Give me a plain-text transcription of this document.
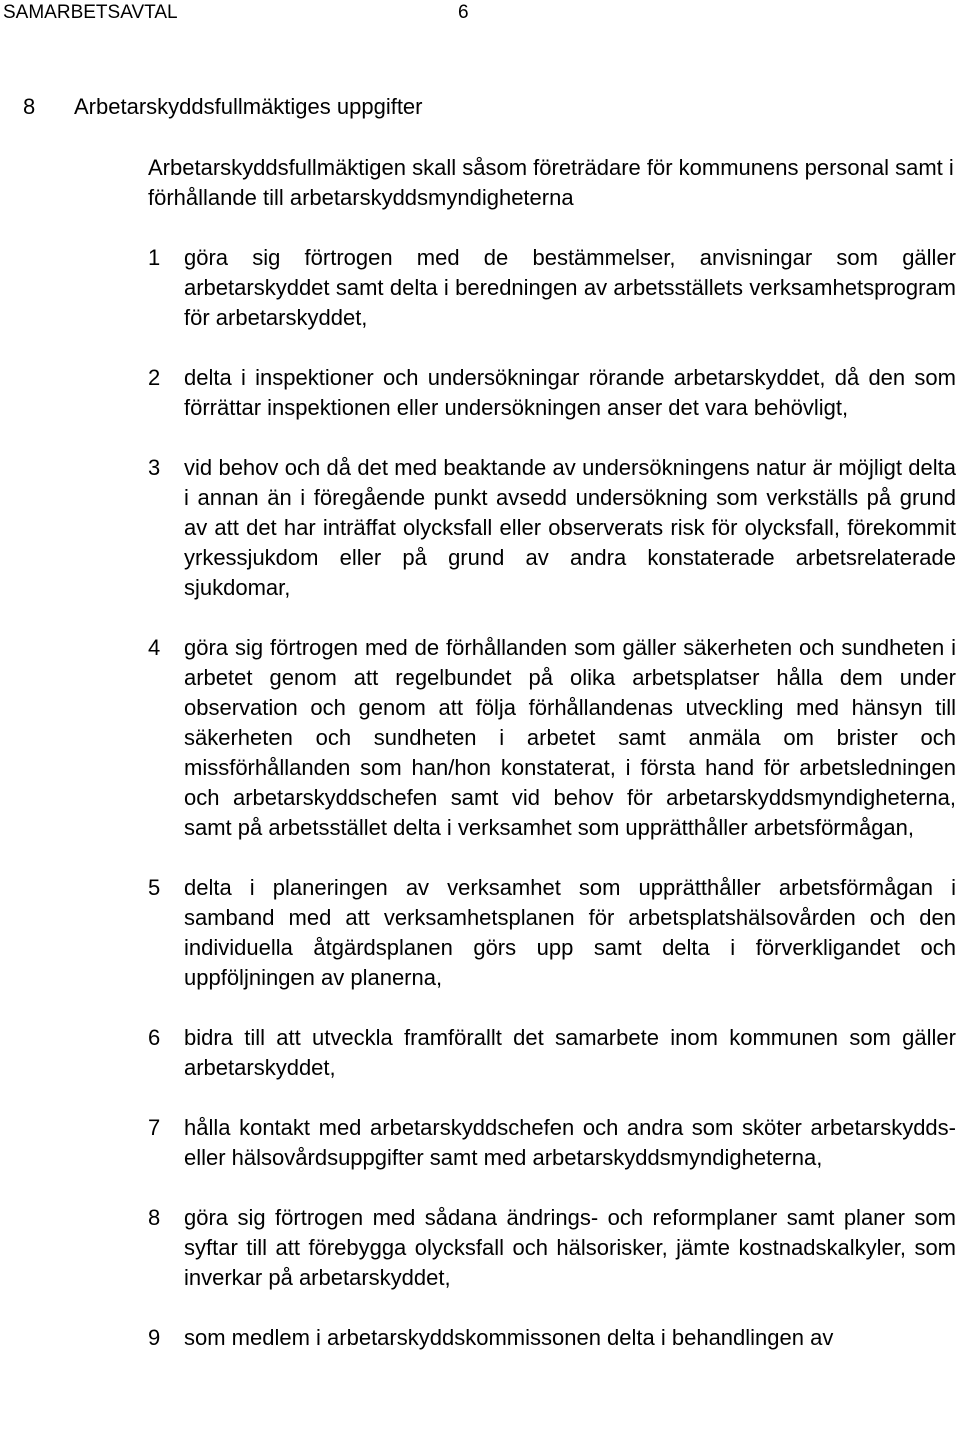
SAMARBETSAVTAL	6
8 Arbetarskyddsfullmäktiges uppgifter
Arbetarskyddsfullmäktigen skall såsom företrädare för kommunens personal samt i förhållande till arbetarskyddsmyndigheterna
1 göra sig förtrogen med de bestämmelser, anvisningar som gäller arbetarskyddet samt delta i beredningen av arbetsställets verksamhetsprogram för arbetarskyddet,
2 delta i inspektioner och undersökningar rörande arbetarskyddet, då den som förrättar inspektionen eller undersökningen anser det vara behövligt,
3 vid behov och då det med beaktande av undersökningens natur är möjligt delta i annan än i föregående punkt avsedd undersökning som verkställs på grund av att det har inträffat olycksfall eller observerats risk för olycksfall, förekommit yrkessjukdom eller på grund av andra konstaterade arbetsrelaterade sjukdomar,
4 göra sig förtrogen med de förhållanden som gäller säkerheten och sundheten i arbetet genom att regelbundet på olika arbetsplatser hålla dem under observation och genom att följa förhållandenas utveckling med hänsyn till säkerheten och sundheten i arbetet samt anmäla om brister och missförhållanden som han/hon konstaterat, i första hand för arbetsledningen och arbetarskyddschefen samt vid behov för arbetarskyddsmyndigheterna, samt på arbetsstället delta i verksamhet som upprätthåller arbetsförmågan,
5 delta i planeringen av verksamhet som upprätthåller arbetsförmågan i samband med att verksamhetsplanen för arbetsplatshälsovården och den individuella åtgärdsplanen görs upp samt delta i förverkligandet och uppföljningen av planerna,
6 bidra till att utveckla framförallt det samarbete inom kommunen som gäller arbetarskyddet,
7 hålla kontakt med arbetarskyddschefen och andra som sköter arbetarskydds- eller hälsovårdsuppgifter samt med arbetarskyddsmyndigheterna,
8 göra sig förtrogen med sådana ändrings- och reformplaner samt planer som syftar till att förebygga olycksfall och hälsorisker, jämte kostnadskalkyler, som inverkar på arbetarskyddet,
9 som medlem i arbetarskyddskommissonen delta i behandlingen av
